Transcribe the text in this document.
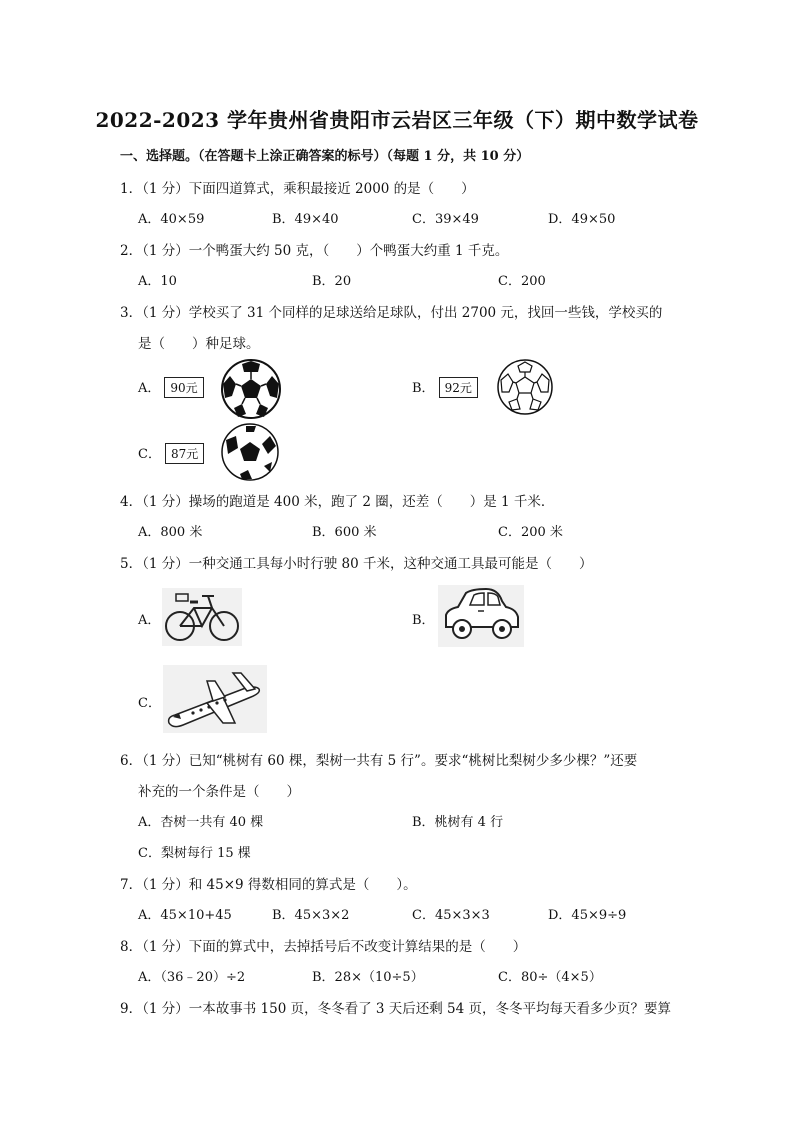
2022-2023 学年贵州省贵阳市云岩区三年级（下）期中数学试卷
一、选择题。（在答题卡上涂正确答案的标号）（每题 1 分，共 10 分）
1．（1 分）下面四道算式，乘积最接近 2000 的是（　　）
A．40×59	B．49×40	C．39×49	D．49×50
2．（1 分）一个鸭蛋大约 50 克，（　　）个鸭蛋大约重 1 千克。
A．10	B．20	C．200
3．（1 分）学校买了 31 个同样的足球送给足球队，付出 2700 元，找回一些钱，学校买的
是（　　）种足球。
A． 90元	B． 92元
C． 87元
4．（1 分）操场的跑道是 400 米，跑了 2 圈，还差（　　）是 1 千米．
A．800 米	B．600 米	C．200 米
5．（1 分）一种交通工具每小时行驶 80 千米，这种交通工具最可能是（　　）
A．	B．
C．
6．（1 分）已知“桃树有 60 棵，梨树一共有 5 行”。要求“桃树比梨树少多少棵？”还要
补充的一个条件是（　　）
A．杏树一共有 40 棵	B．桃树有 4 行
C．梨树每行 15 棵
7．（1 分）和 45×9 得数相同的算式是（　　）。
A．45×10+45	B．45×3×2	C．45×3×3	D．45×9÷9
8．（1 分）下面的算式中，去掉括号后不改变计算结果的是（　　）
A．（36﹣20）÷2	B．28×（10÷5）	C．80÷（4×5）
9．（1 分）一本故事书 150 页，冬冬看了 3 天后还剩 54 页，冬冬平均每天看多少页？要算
